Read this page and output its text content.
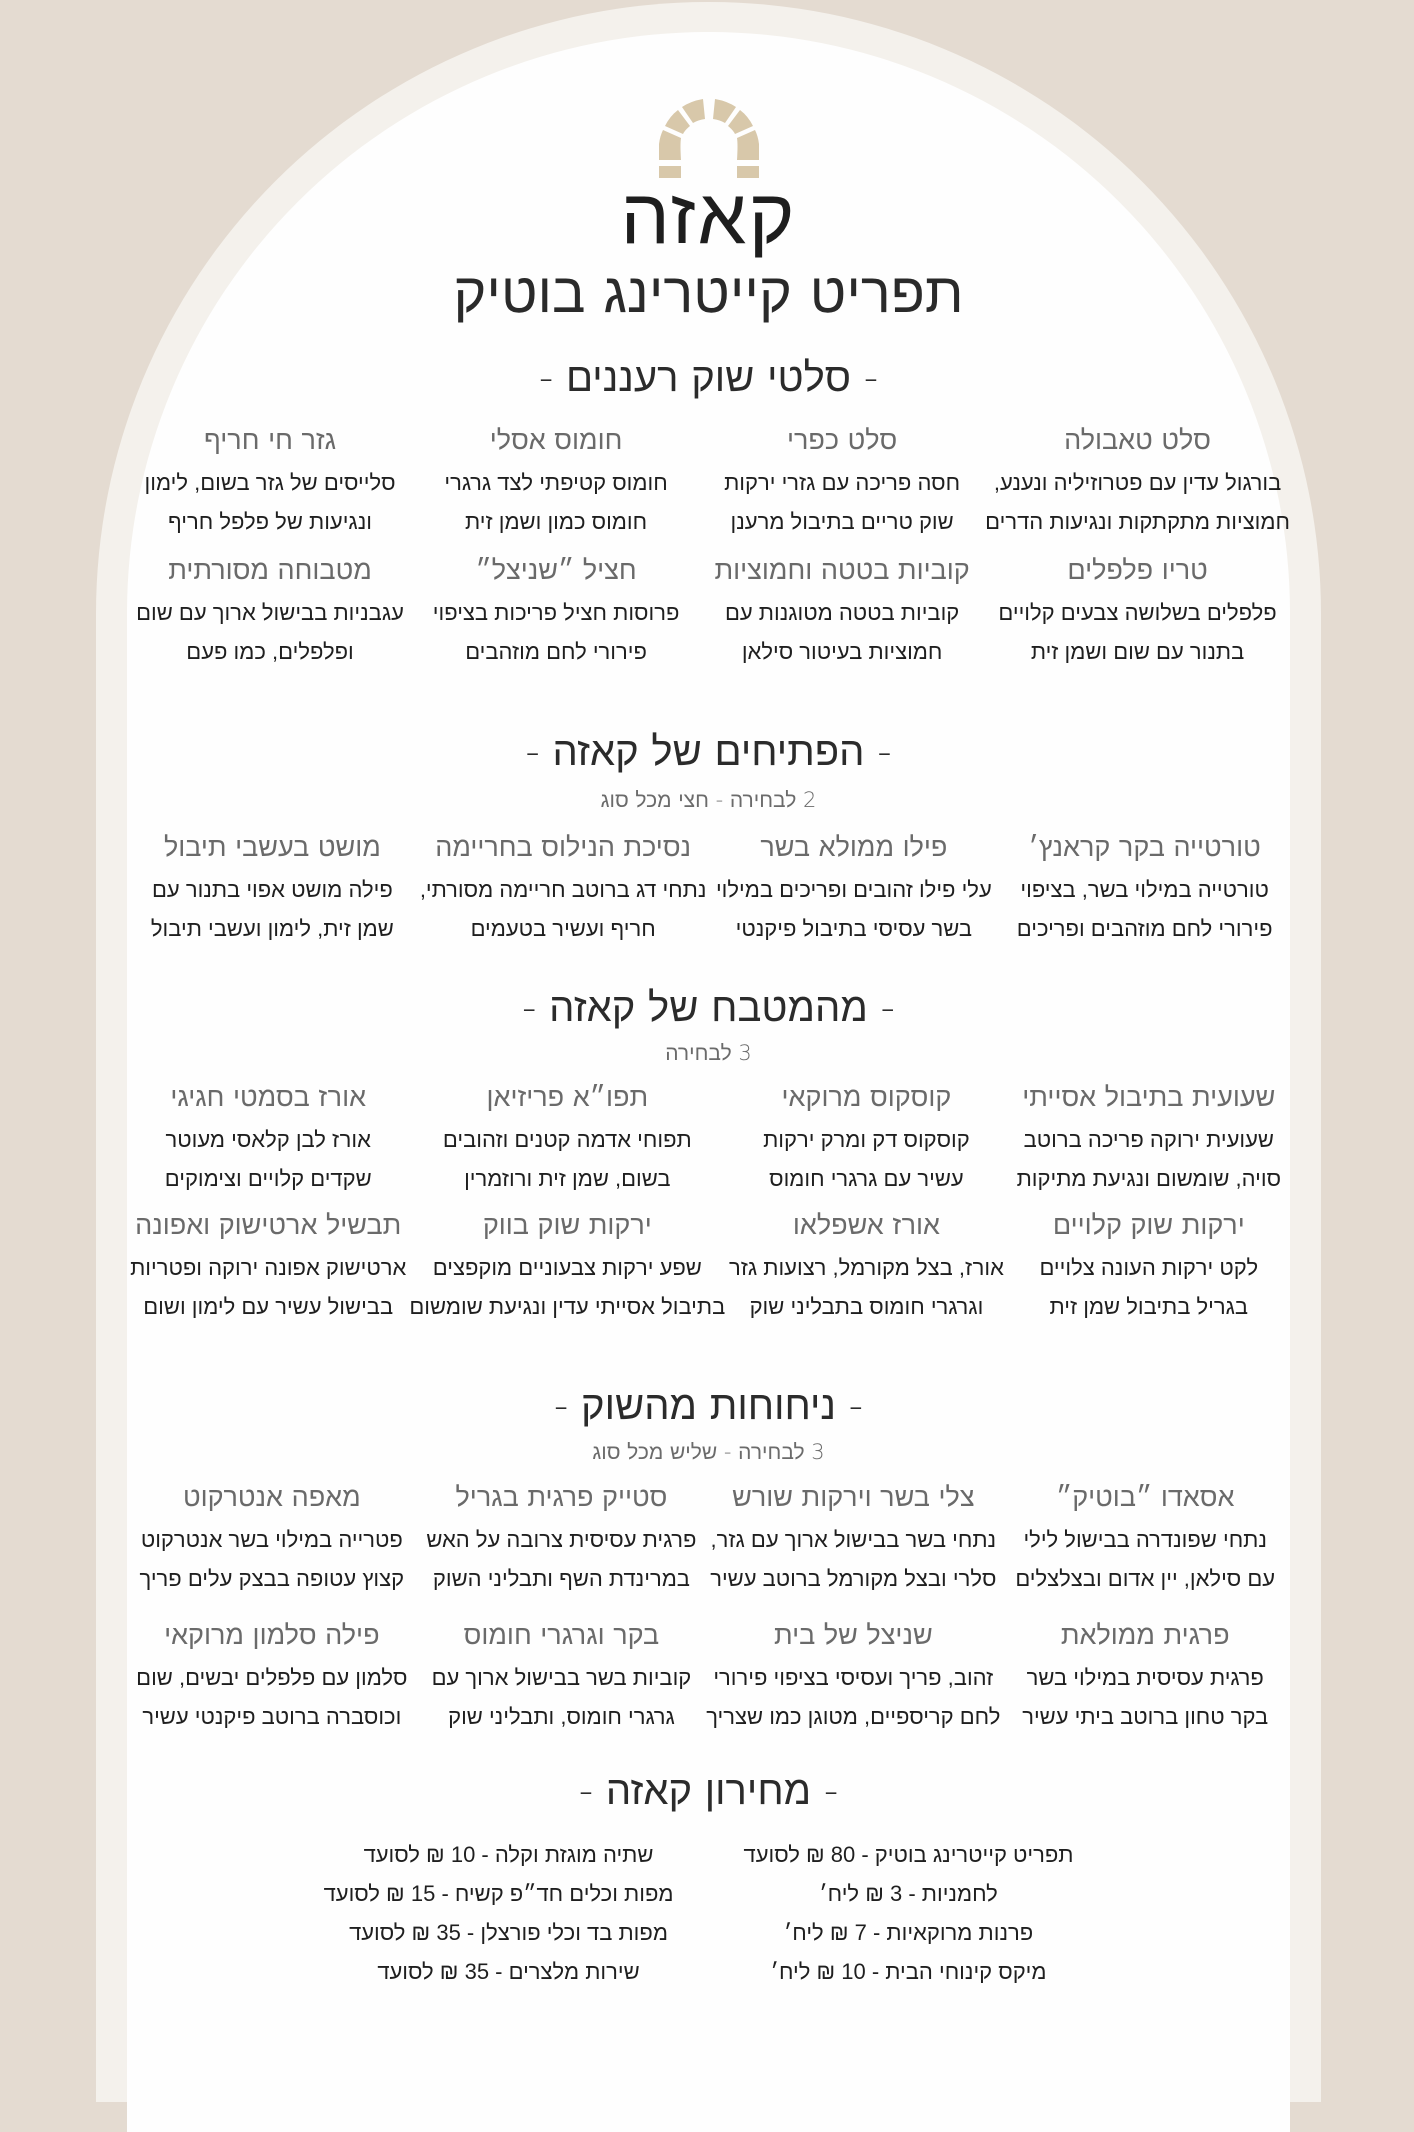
קאזה
תפריט קייטרינג בוטיק
- סלטי שוק רעננים -
סלט טאבולה
בורגול עדין עם פטרוזיליה ונענע,
חמוציות מתקתקות ונגיעות הדרים
סלט כפרי
חסה פריכה עם גזרי ירקות
שוק טריים בתיבול מרענן
חומוס אסלי
חומוס קטיפתי לצד גרגרי
חומוס כמון ושמן זית
גזר חי חריף
סלייסים של גזר בשום, לימון
ונגיעות של פלפל חריף
טריו פלפלים
פלפלים בשלושה צבעים קלויים
בתנור עם שום ושמן זית
קוביות בטטה וחמוציות
קוביות בטטה מטוגנות עם
חמוציות בעיטור סילאן
חציל ״שניצל״
פרוסות חציל פריכות בציפוי
פירורי לחם מוזהבים
מטבוחה מסורתית
עגבניות בבישול ארוך עם שום
ופלפלים, כמו פעם
- הפתיחים של קאזה -
2 לבחירה - חצי מכל סוג
טורטייה בקר קראנץ׳
טורטייה במילוי בשר, בציפוי
פירורי לחם מוזהבים ופריכים
פילו ממולא בשר
עלי פילו זהובים ופריכים במילוי
בשר עסיסי בתיבול פיקנטי
נסיכת הנילוס בחריימה
נתחי דג ברוטב חריימה מסורתי,
חריף ועשיר בטעמים
מושט בעשבי תיבול
פילה מושט אפוי בתנור עם
שמן זית, לימון ועשבי תיבול
- מהמטבח של קאזה -
3 לבחירה
שעועית בתיבול אסייתי
שעועית ירוקה פריכה ברוטב
סויה, שומשום ונגיעת מתיקות
קוסקוס מרוקאי
קוסקוס דק ומרק ירקות
עשיר עם גרגרי חומוס
תפו״א פריזיאן
תפוחי אדמה קטנים וזהובים
בשום, שמן זית ורוזמרין
אורז בסמטי חגיגי
אורז לבן קלאסי מעוטר
שקדים קלויים וצימוקים
ירקות שוק קלויים
לקט ירקות העונה צלויים
בגריל בתיבול שמן זית
אורז אשפלאו
אורז, בצל מקורמל, רצועות גזר
וגרגרי חומוס בתבליני שוק
ירקות שוק בווק
שפע ירקות צבעוניים מוקפצים
בתיבול אסייתי עדין ונגיעת שומשום
תבשיל ארטישוק ואפונה
ארטישוק אפונה ירוקה ופטריות
בבישול עשיר עם לימון ושום
- ניחוחות מהשוק -
3 לבחירה - שליש מכל סוג
אסאדו ״בוטיק״
נתחי שפונדרה בבישול לילי
עם סילאן, יין אדום ובצלצלים
צלי בשר וירקות שורש
נתחי בשר בבישול ארוך עם גזר,
סלרי ובצל מקורמל ברוטב עשיר
סטייק פרגית בגריל
פרגית עסיסית צרובה על האש
במרינדת השף ותבליני השוק
מאפה אנטרקוט
פטרייה במילוי בשר אנטרקוט
קצוץ עטופה בבצק עלים פריך
פרגית ממולאת
פרגית עסיסית במילוי בשר
בקר טחון ברוטב ביתי עשיר
שניצל של בית
זהוב, פריך ועסיסי בציפוי פירורי
לחם קריספיים, מטוגן כמו שצריך
בקר וגרגרי חומוס
קוביות בשר בבישול ארוך עם
גרגרי חומוס, ותבליני שוק
פילה סלמון מרוקאי
סלמון עם פלפלים יבשים, שום
וכוסברה ברוטב פיקנטי עשיר
- מחירון קאזה -
תפריט קייטרינג בוטיק - 80 ₪ לסועד
לחמניות - 3 ₪ ליח׳
פרנות מרוקאיות - 7 ₪ ליח׳
מיקס קינוחי הבית - 10 ₪ ליח׳
שתיה מוגזת וקלה - 10 ₪ לסועד
מפות וכלים חד״פ קשיח - 15 ₪ לסועד
מפות בד וכלי פורצלן - 35 ₪ לסועד
שירות מלצרים - 35 ₪ לסועד
